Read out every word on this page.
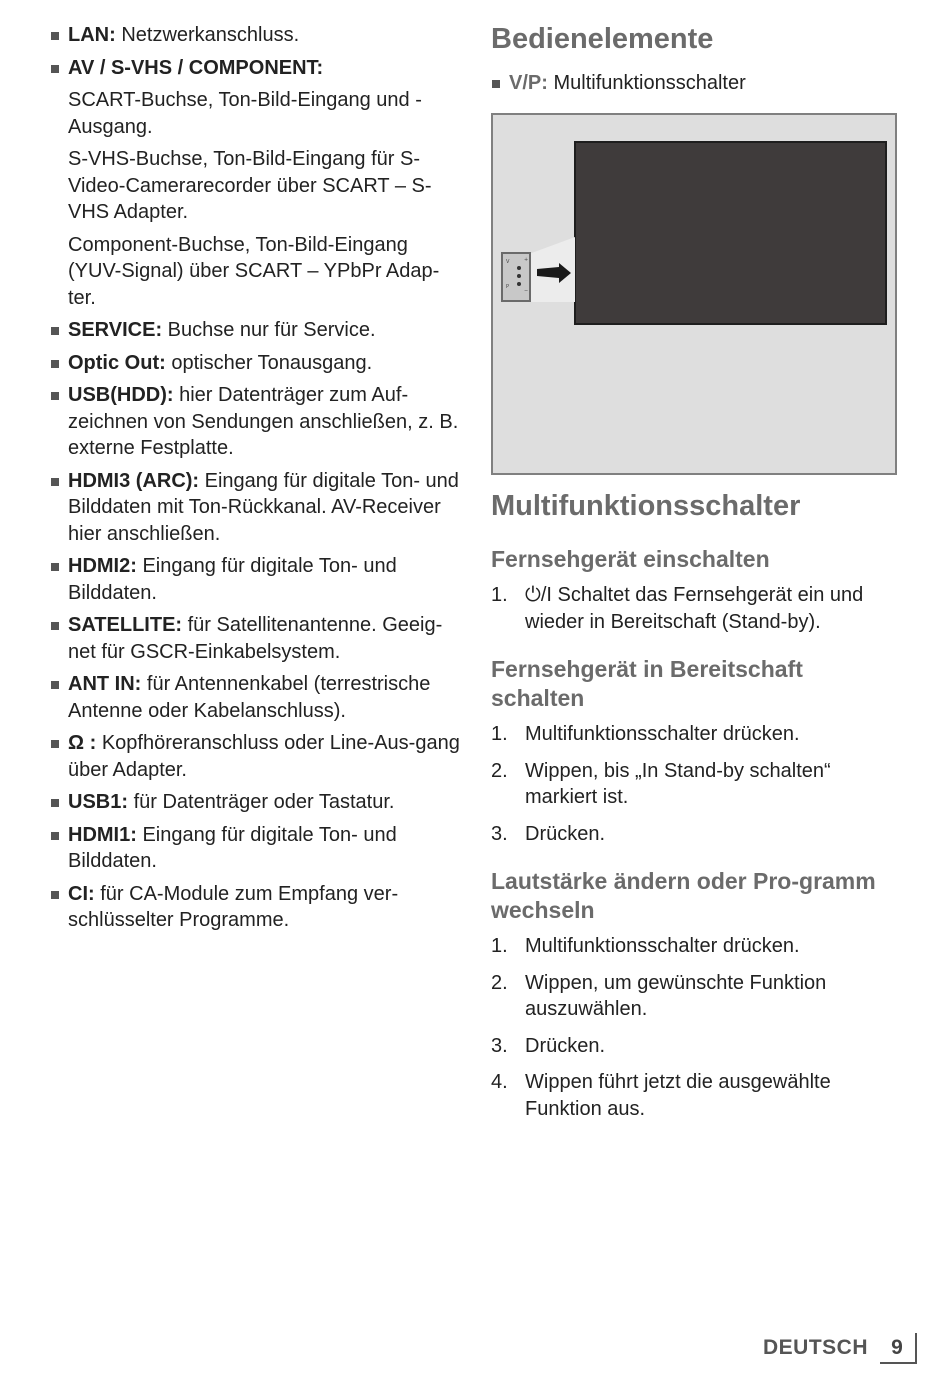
LAN: Netzwerkanschluss.
AV / S-VHS / COMPONENT:
SCART-Buchse, Ton-Bild-Eingang und -Ausgang.
S-VHS-Buchse, Ton-Bild-Eingang für S-Video-Camerarecorder über SCART – S-VHS Adapter.
Component-Buchse, Ton-Bild-Eingang (YUV-Signal) über SCART – YPbPr Adap-ter.
SERVICE: Buchse nur für Service.
Optic Out: optischer Tonausgang.
USB(HDD): hier Datenträger zum Auf-zeichnen von Sendungen anschließen, z. B. externe Festplatte.
HDMI3 (ARC): Eingang für digitale Ton- und Bilddaten mit Ton-Rückkanal. AV-Receiver hier anschließen.
HDMI2: Eingang für digitale Ton- und Bilddaten.
SATELLITE: für Satellitenantenne. Geeig-net für GSCR-Einkabelsystem.
ANT IN: für Antennenkabel (terrestrische Antenne oder Kabelanschluss).
Ω : Kopfhöreranschluss oder Line-Aus-gang über Adapter.
USB1: für Datenträger oder Tastatur.
HDMI1: Eingang für digitale Ton- und Bilddaten.
CI: für CA-Module zum Empfang ver-schlüsselter Programme.
Bedienelemente
V/P: Multifunktionsschalter
V
P
+
−
Multifunktionsschalter
Fernsehgerät einschalten
1. ⏻/I Schaltet das Fernsehgerät ein und wieder in Bereitschaft (Stand-by).
Fernsehgerät in Bereitschaft schalten
1. Multifunktionsschalter drücken.
2. Wippen, bis „In Stand-by schalten“ markiert ist.
3. Drücken.
Lautstärke ändern oder Pro-gramm wechseln
1. Multifunktionsschalter drücken.
2. Wippen, um gewünschte Funktion auszuwählen.
3. Drücken.
4. Wippen führt jetzt die ausgewählte Funktion aus.
DEUTSCH	9
